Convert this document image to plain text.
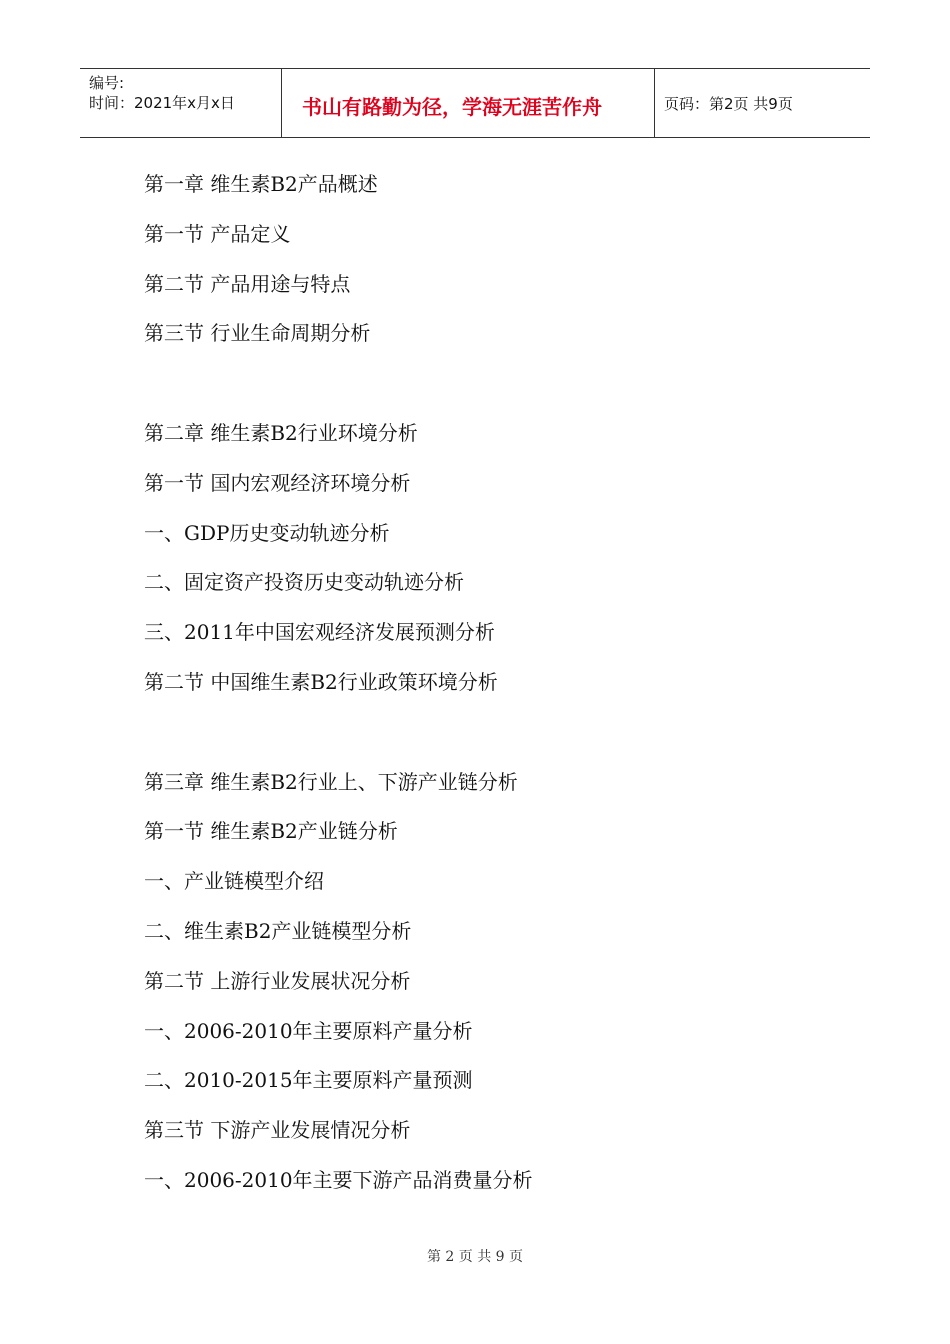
编号:
时间：2021年x月x日	书山有路勤为径，学海无涯苦作舟	页码：第2页 共9页
第一章 维生素B2产品概述
第一节 产品定义
第二节 产品用途与特点
第三节 行业生命周期分析
第二章 维生素B2行业环境分析
第一节 国内宏观经济环境分析
一、GDP历史变动轨迹分析
二、固定资产投资历史变动轨迹分析
三、2011年中国宏观经济发展预测分析
第二节 中国维生素B2行业政策环境分析
第三章 维生素B2行业上、下游产业链分析
第一节 维生素B2产业链分析
一、产业链模型介绍
二、维生素B2产业链模型分析
第二节 上游行业发展状况分析
一、2006-2010年主要原料产量分析
二、2010-2015年主要原料产量预测
第三节 下游产业发展情况分析
一、2006-2010年主要下游产品消费量分析
第 2 页 共 9 页
